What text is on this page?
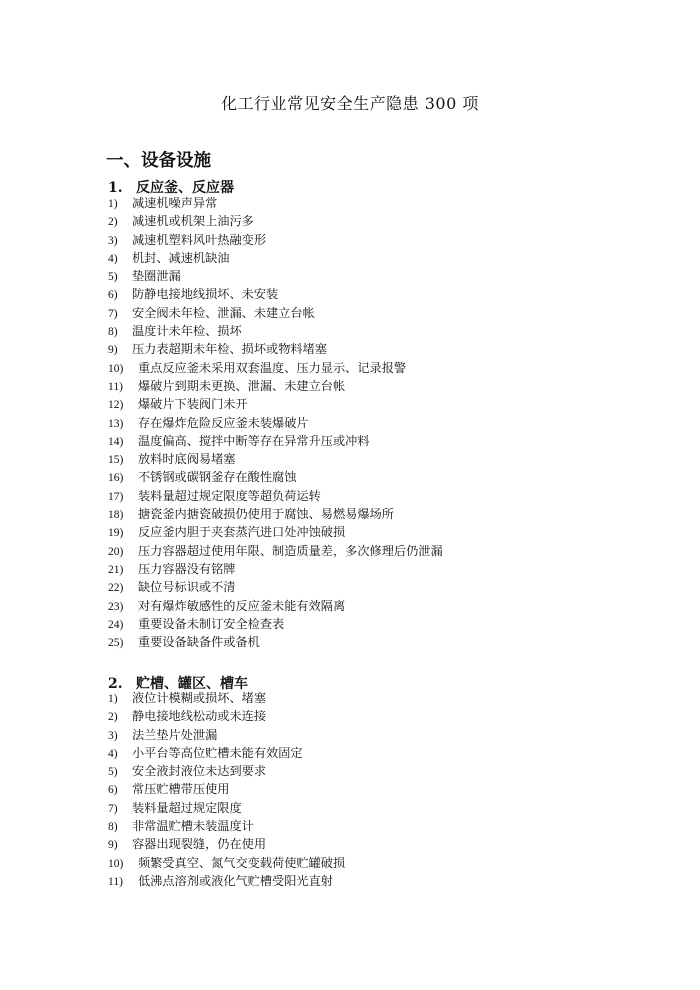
化工行业常见安全生产隐患 300 项
一、设备设施
1. 反应釜、反应器
1) 减速机噪声异常
2) 减速机或机架上油污多
3) 减速机塑料风叶热融变形
4) 机封、减速机缺油
5) 垫圈泄漏
6) 防静电接地线损坏、未安装
7) 安全阀未年检、泄漏、未建立台帐
8) 温度计未年检、损坏
9) 压力表超期未年检、损坏或物料堵塞
10) 重点反应釜未采用双套温度、压力显示、记录报警
11) 爆破片到期未更换、泄漏、未建立台帐
12) 爆破片下装阀门未开
13) 存在爆炸危险反应釜未装爆破片
14) 温度偏高、搅拌中断等存在异常升压或冲料
15) 放料时底阀易堵塞
16) 不锈钢或碳钢釜存在酸性腐蚀
17) 装料量超过规定限度等超负荷运转
18) 搪瓷釜内搪瓷破损仍使用于腐蚀、易燃易爆场所
19) 反应釜内胆于夹套蒸汽进口处冲蚀破损
20) 压力容器超过使用年限、制造质量差，多次修理后仍泄漏
21) 压力容器没有铭牌
22) 缺位号标识或不清
23) 对有爆炸敏感性的反应釜未能有效隔离
24) 重要设备未制订安全检查表
25) 重要设备缺备件或备机
2. 贮槽、罐区、槽车
1) 液位计模糊或损坏、堵塞
2) 静电接地线松动或未连接
3) 法兰垫片处泄漏
4) 小平台等高位贮槽未能有效固定
5) 安全液封液位未达到要求
6) 常压贮槽带压使用
7) 装料量超过规定限度
8) 非常温贮槽未装温度计
9) 容器出现裂缝，仍在使用
10) 频繁受真空、氮气交变载荷使贮罐破损
11) 低沸点溶剂或液化气贮槽受阳光直射
